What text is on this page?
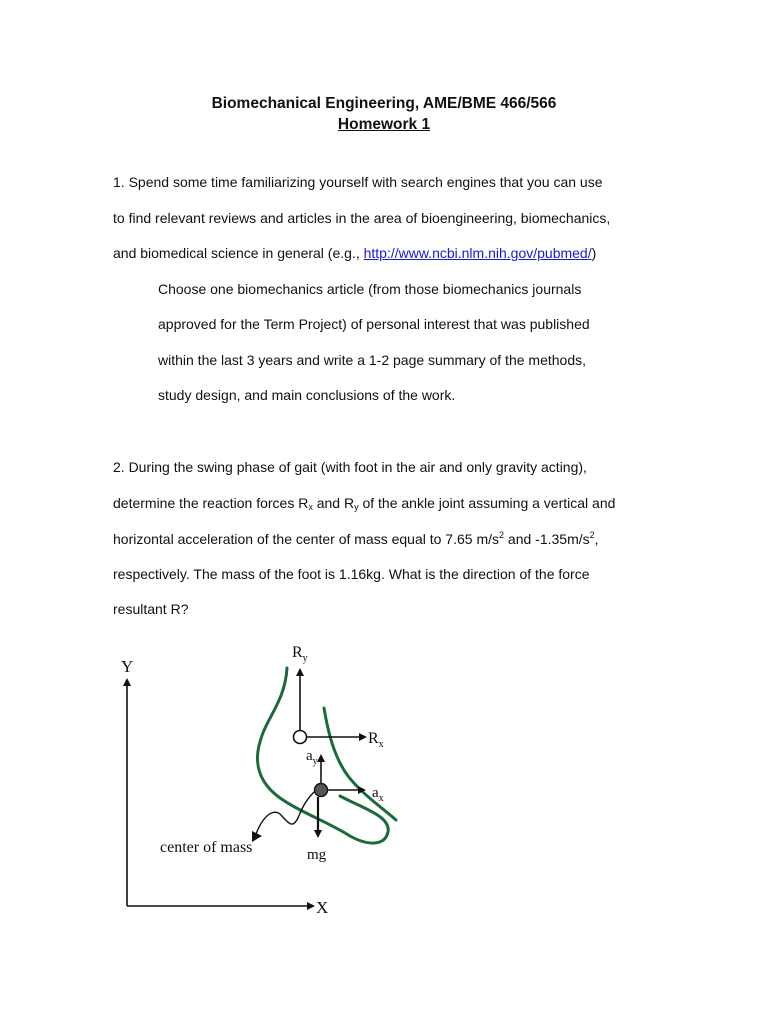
Biomechanical Engineering, AME/BME 466/566
Homework 1
1. Spend some time familiarizing yourself with search engines that you can use
to find relevant reviews and articles in the area of bioengineering, biomechanics,
and biomedical science in general (e.g., http://www.ncbi.nlm.nih.gov/pubmed/)
Choose one biomechanics article (from those biomechanics journals
approved for the Term Project) of personal interest that was published
within the last 3 years and write a 1-2 page summary of the methods,
study design, and main conclusions of the work.
2. During the swing phase of gait (with foot in the air and only gravity acting),
determine the reaction forces $R_x$ and $R_y$ of the ankle joint assuming a vertical and
horizontal acceleration of the center of mass equal to 7.65 $m/s^2$ and $-1.35m/s^2$,
respectively. The mass of the foot is 1.16kg. What is the direction of the force
resultant R?
Y
X
$R_y$
$R_x$
$a_y$
$a_x$
mg
center of mass
